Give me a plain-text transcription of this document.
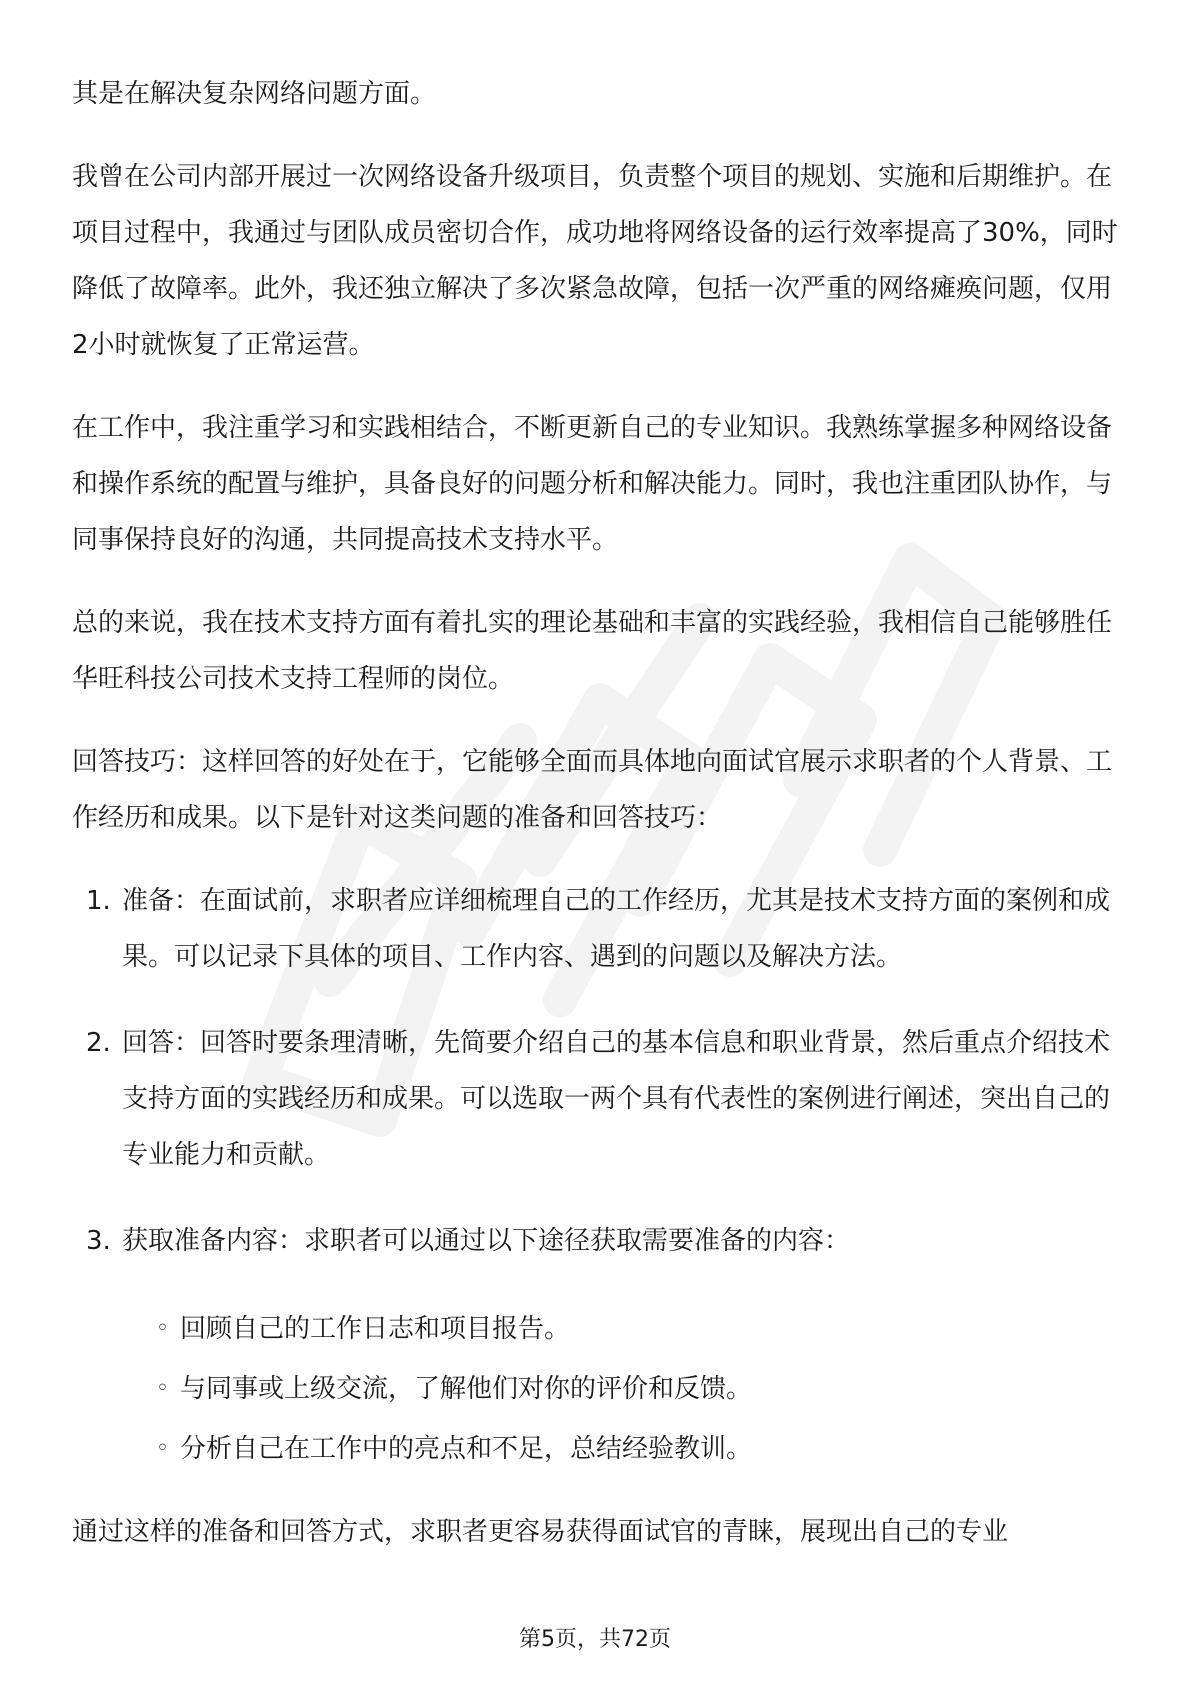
其是在解决复杂网络问题方面。

我曾在公司内部开展过一次网络设备升级项目，负责整个项目的规划、实施和后期维护。在项目过程中，我通过与团队成员密切合作，成功地将网络设备的运行效率提高了30%，同时降低了故障率。此外，我还独立解决了多次紧急故障，包括一次严重的网络瘫痪问题，仅用2小时就恢复了正常运营。

在工作中，我注重学习和实践相结合，不断更新自己的专业知识。我熟练掌握多种网络设备和操作系统的配置与维护，具备良好的问题分析和解决能力。同时，我也注重团队协作，与同事保持良好的沟通，共同提高技术支持水平。

总的来说，我在技术支持方面有着扎实的理论基础和丰富的实践经验，我相信自己能够胜任华旺科技公司技术支持工程师的岗位。

回答技巧：这样回答的好处在于，它能够全面而具体地向面试官展示求职者的个人背景、工作经历和成果。以下是针对这类问题的准备和回答技巧：

1. 准备：在面试前，求职者应详细梳理自己的工作经历，尤其是技术支持方面的案例和成果。可以记录下具体的项目、工作内容、遇到的问题以及解决方法。
2. 回答：回答时要条理清晰，先简要介绍自己的基本信息和职业背景，然后重点介绍技术支持方面的实践经历和成果。可以选取一两个具有代表性的案例进行阐述，突出自己的专业能力和贡献。
3. 获取准备内容：求职者可以通过以下途径获取需要准备的内容：
◦ 回顾自己的工作日志和项目报告。
◦ 与同事或上级交流，了解他们对你的评价和反馈。
◦ 分析自己在工作中的亮点和不足，总结经验教训。

通过这样的准备和回答方式，求职者更容易获得面试官的青睐，展现出自己的专业

第5页，共72页
